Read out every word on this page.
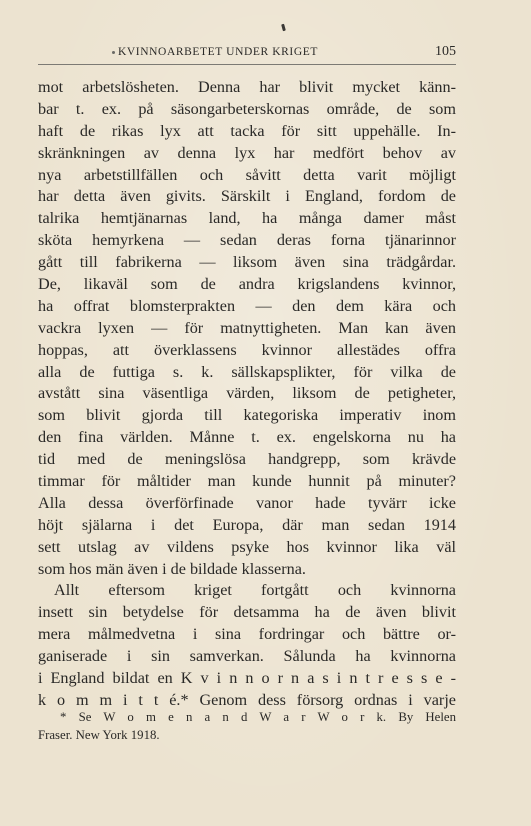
KVINNOARBETET UNDER KRIGET	105
mot arbetslösheten. Denna har blivit mycket känn-
bar t. ex. på säsongarbeterskornas område, de som
haft de rikas lyx att tacka för sitt uppehälle. In-
skränkningen av denna lyx har medfört behov av
nya arbetstillfällen och såvitt detta varit möjligt
har detta även givits. Särskilt i England, fordom de
talrika hemtjänarnas land, ha många damer måst
sköta hemyrkena — sedan deras forna tjänarinnor
gått till fabrikerna — liksom även sina trädgårdar.
De, likaväl som de andra krigslandens kvinnor,
ha offrat blomsterprakten — den dem kära och
vackra lyxen — för matnyttigheten. Man kan även
hoppas, att överklassens kvinnor allestädes offra
alla de futtiga s. k. sällskapsplikter, för vilka de
avstått sina väsentliga värden, liksom de petigheter,
som blivit gjorda till kategoriska imperativ inom
den fina världen. Månne t. ex. engelskorna nu ha
tid med de meningslösa handgrepp, som krävde
timmar för måltider man kunde hunnit på minuter?
Alla dessa överförfinade vanor hade tyvärr icke
höjt själarna i det Europa, där man sedan 1914
sett utslag av vildens psyke hos kvinnor lika väl
som hos män även i de bildade klasserna.
Allt eftersom kriget fortgått och kvinnorna
insett sin betydelse för detsamma ha de även blivit
mera målmedvetna i sina fordringar och bättre or-
ganiserade i sin samverkan. Sålunda ha kvinnorna
i England bildat en K v i n n o r n a s i n t r e s s e -
k o m m i t t é.* Genom dess försorg ordnas i varje
* Se W o m e n a n d W a r W o r k. By Helen
Fraser. New York 1918.
